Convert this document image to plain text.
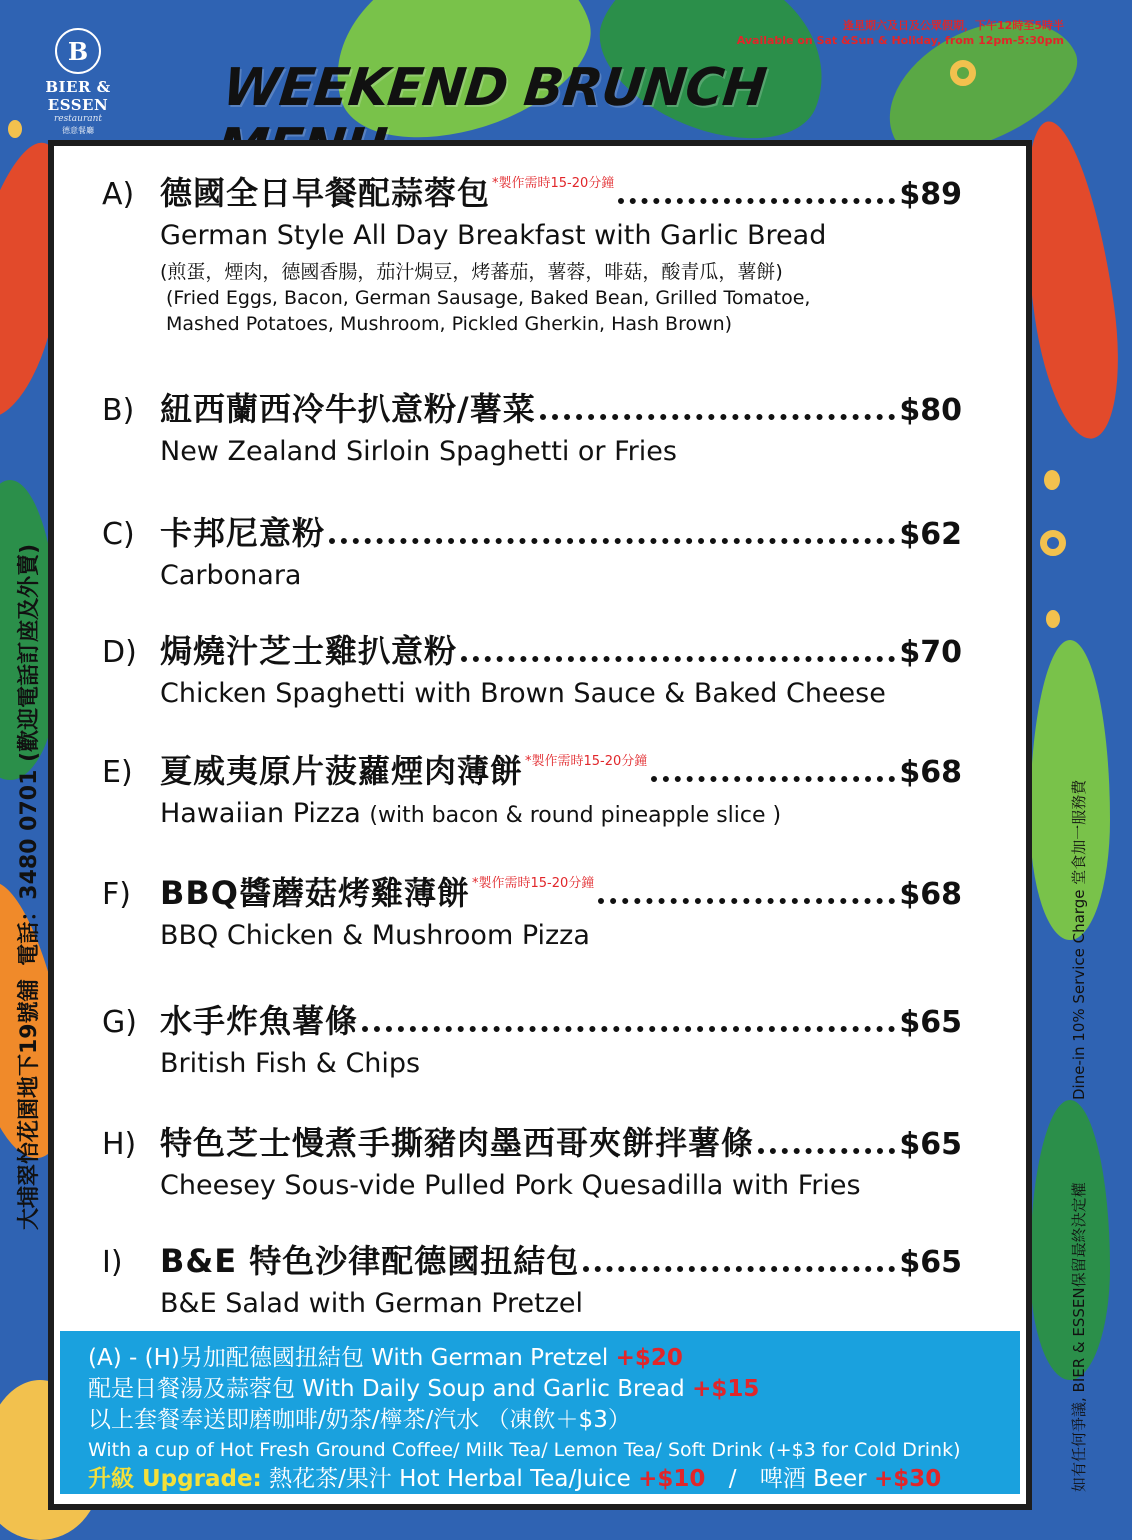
B
BIER & ESSEN
restaurant
德意餐廳
WEEKEND BRUNCH
逢星期六及日及公眾假期，下午12時至5時半
Available on Sat &Sun & Holiday, from 12pm-5:30pm
大埔翠怡花園地下19號舖 電話：3480 0701 (歡迎電話訂座及外賣)	Dine-in 10% Service Charge 堂食加一服務費
如有任何爭議, BIER & ESSEN保留最終決定權
A) 德國全日早餐配蒜蓉包 *製作需時15-20分鐘	$89
German Style All Day Breakfast with Garlic Bread
(煎蛋，煙肉，德國香腸，茄汁焗豆，烤蕃茄，薯蓉，啡菇，酸青瓜，薯餅)
(Fried Eggs, Bacon, German Sausage, Baked Bean, Grilled Tomatoe,
Mashed Potatoes, Mushroom, Pickled Gherkin, Hash Brown)
B) 紐西蘭西冷牛扒意粉/薯菜	$80
New Zealand Sirloin Spaghetti or Fries
C) 卡邦尼意粉	$62
Carbonara
D) 焗燒汁芝士雞扒意粉	$70
Chicken Spaghetti with Brown Sauce & Baked Cheese
E) 夏威夷原片菠蘿煙肉薄餅 *製作需時15-20分鐘	$68
Hawaiian Pizza (with bacon & round pineapple slice )
F) BBQ醬蘑菇烤雞薄餅 *製作需時15-20分鐘	$68
BBQ Chicken & Mushroom Pizza
G) 水手炸魚薯條	$65
British Fish & Chips
H) 特色芝士慢煮手撕豬肉墨西哥夾餅拌薯條	$65
Cheesey Sous-vide Pulled Pork Quesadilla with Fries
I)	B&E 特色沙律配德國扭結包	$65
B&E Salad with German Pretzel
(A) - (H)另加配德國扭結包 With German Pretzel +$20
配是日餐湯及蒜蓉包 With Daily Soup and Garlic Bread +$15
以上套餐奉送即磨咖啡/奶茶/檸茶/汽水 （凍飲＋$3）
With a cup of Hot Fresh Ground Coffee/ Milk Tea/ Lemon Tea/ Soft Drink (+$3 for Cold Drink)
升級 Upgrade: 熱花茶/果汁 Hot Herbal Tea/Juice +$10 / 啤酒 Beer +$30
